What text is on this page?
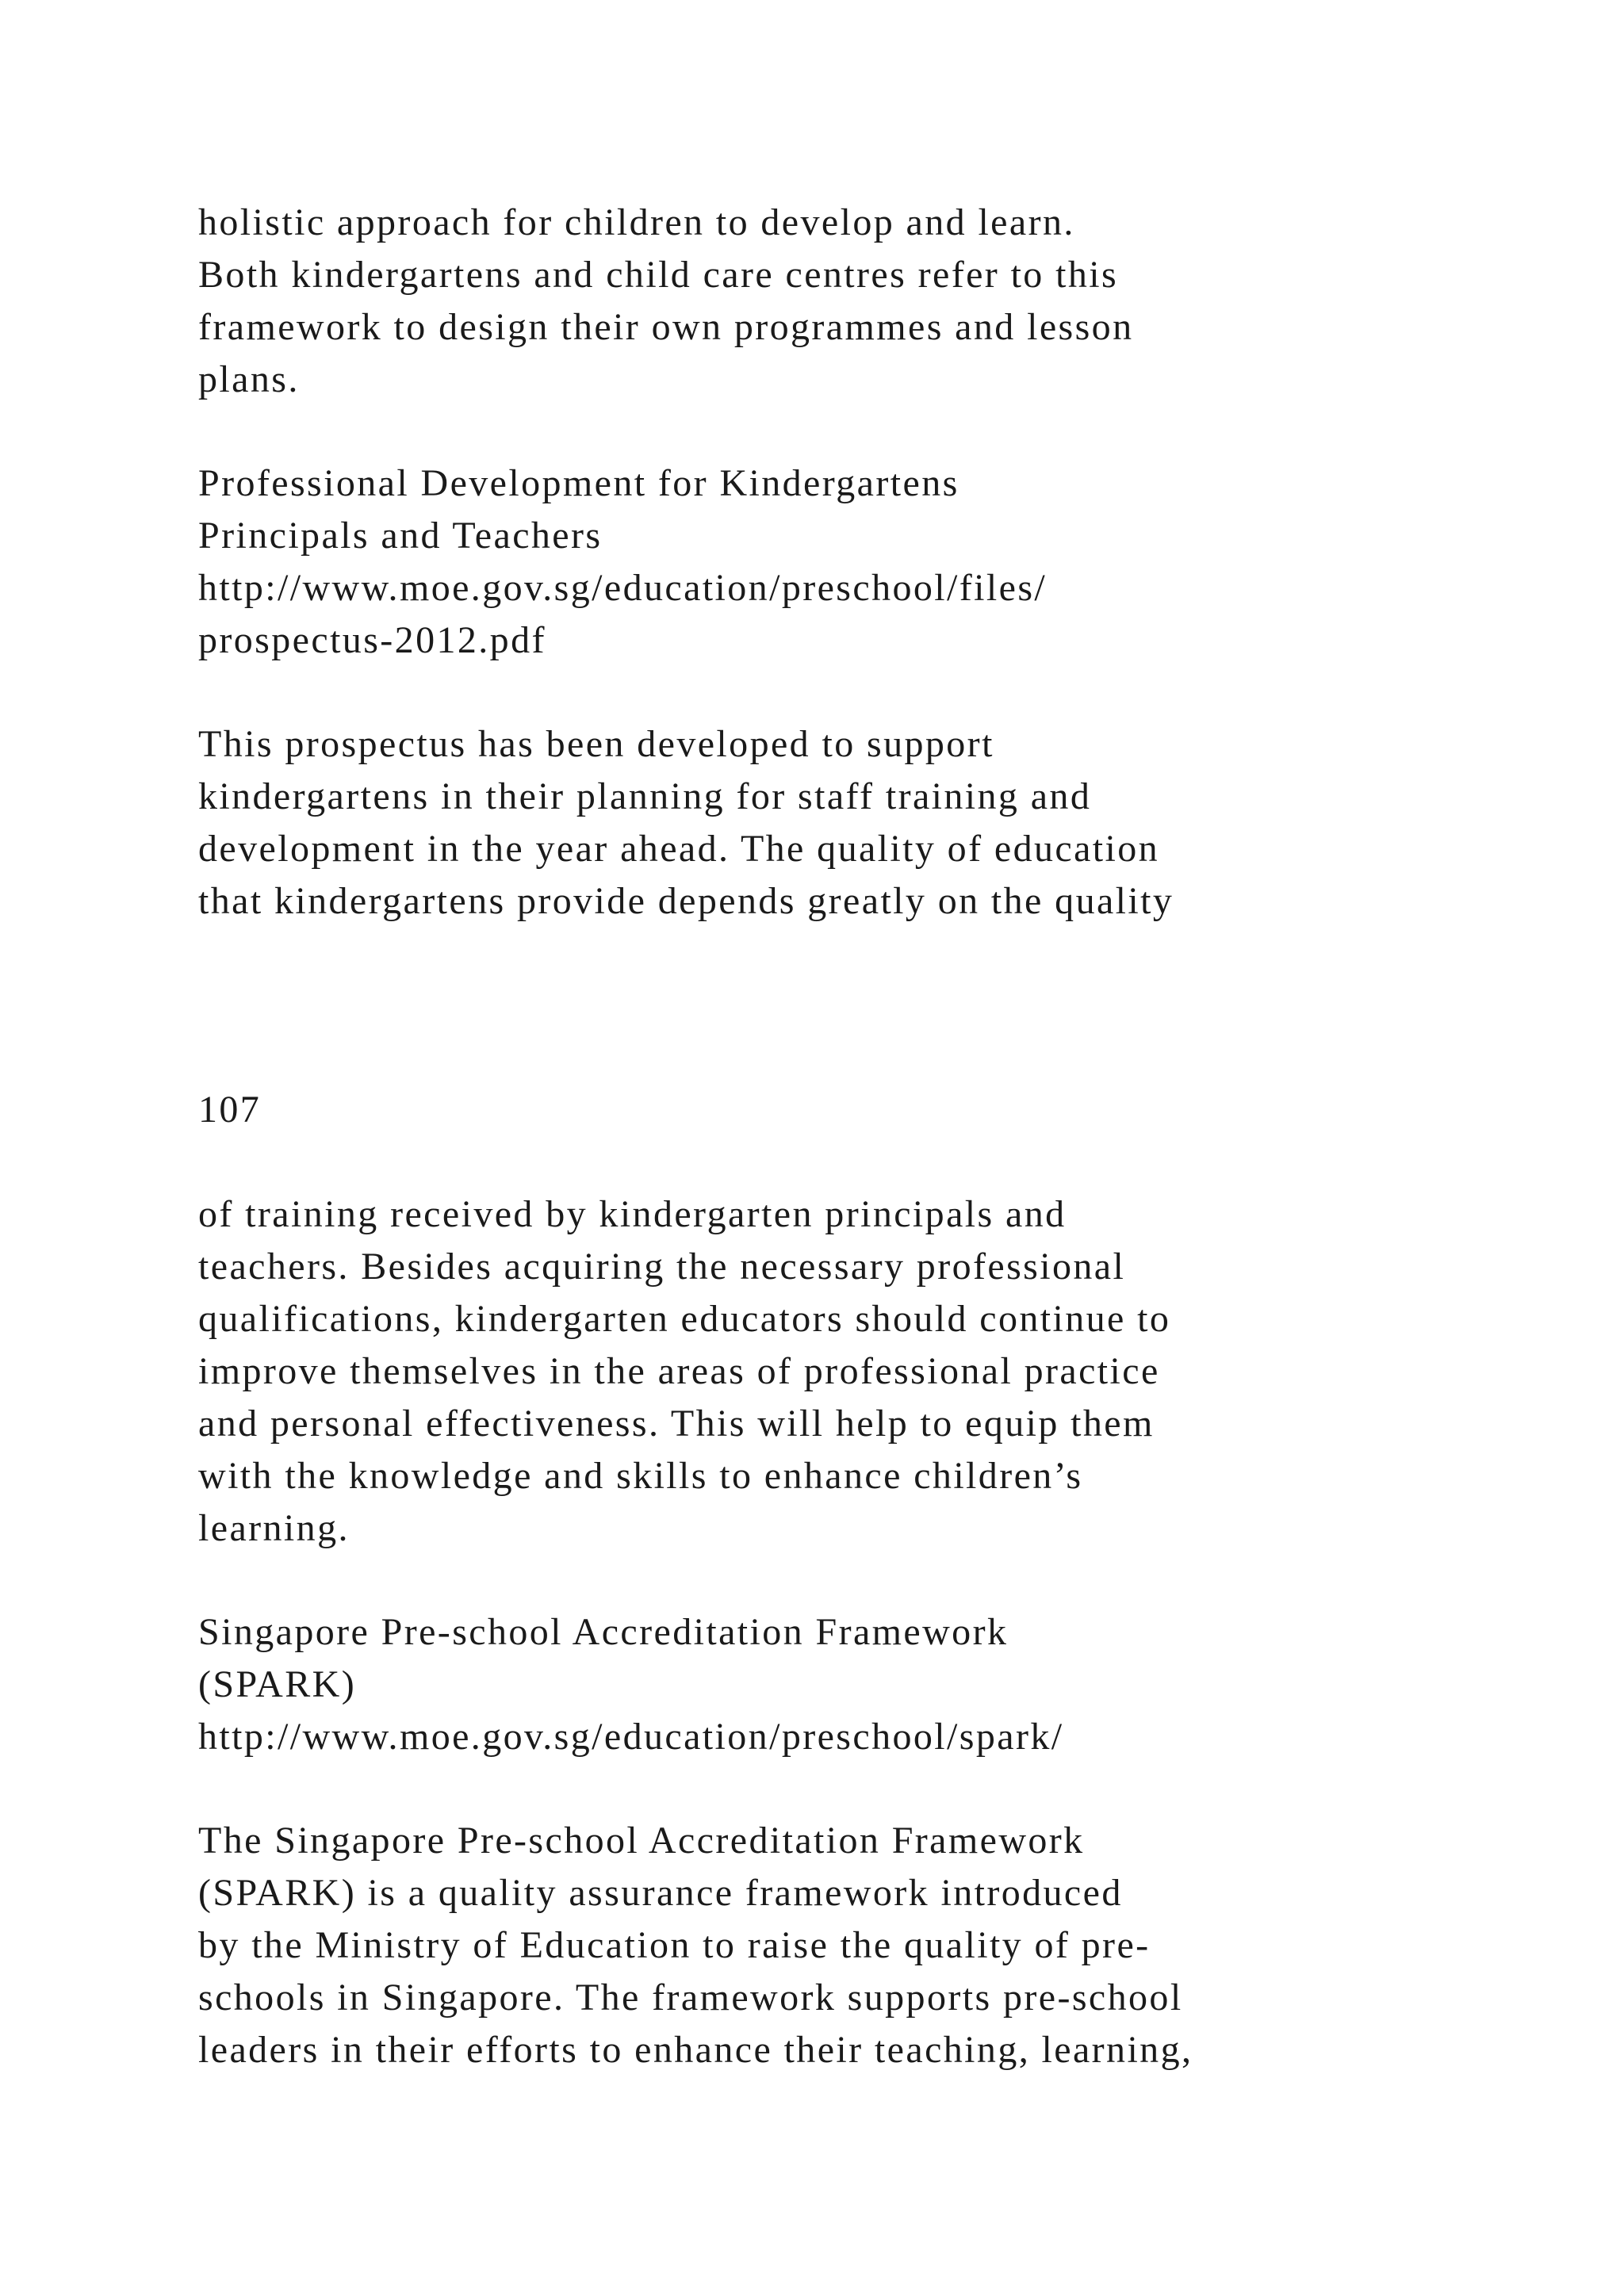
holistic approach for children to develop and learn.
Both kindergartens and child care centres refer to this
framework to design their own programmes and lesson
plans.
Professional Development for Kindergartens
Principals and Teachers
http://www.moe.gov.sg/education/preschool/files/
prospectus-2012.pdf
This prospectus has been developed to support
kindergartens in their planning for staff training and
development in the year ahead. The quality of education
that kindergartens provide depends greatly on the quality
107
of training received by kindergarten principals and
teachers. Besides acquiring the necessary professional
qualifications, kindergarten educators should continue to
improve themselves in the areas of professional practice
and personal effectiveness. This will help to equip them
with the knowledge and skills to enhance children’s
learning.
Singapore Pre-school Accreditation Framework
(SPARK)
http://www.moe.gov.sg/education/preschool/spark/
The Singapore Pre-school Accreditation Framework
(SPARK) is a quality assurance framework introduced
by the Ministry of Education to raise the quality of pre-
schools in Singapore. The framework supports pre-school
leaders in their efforts to enhance their teaching, learning,
